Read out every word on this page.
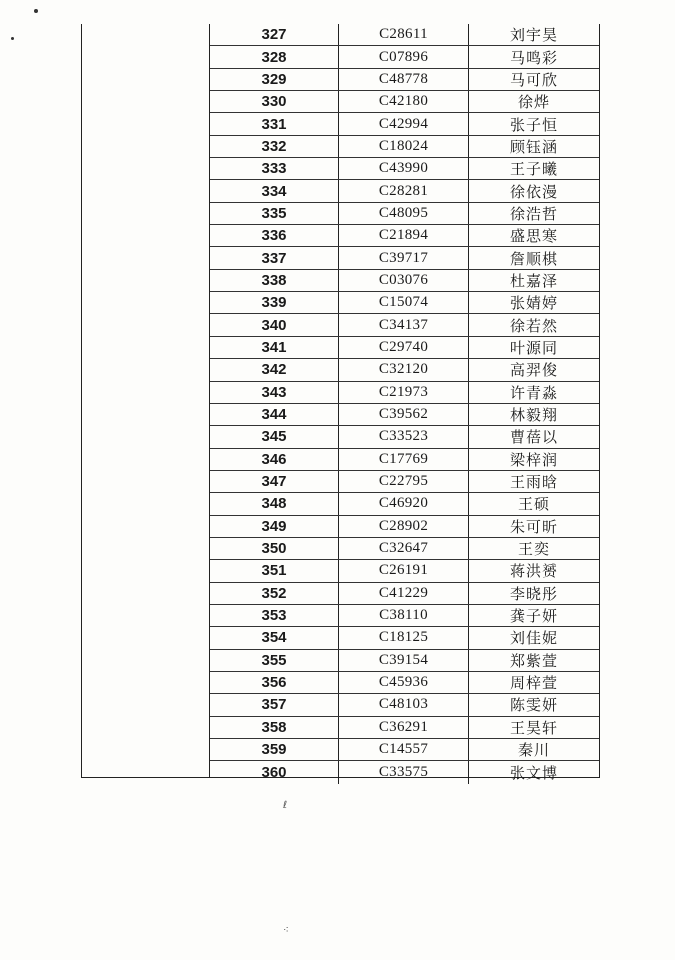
327	C28611	刘宇昊
328	C07896	马鸣彩
329	C48778	马可欣
330	C42180	徐烨
331	C42994	张子恒
332	C18024	顾钰涵
333	C43990	王子曦
334	C28281	徐依漫
335	C48095	徐浩哲
336	C21894	盛思寒
337	C39717	詹顺棋
338	C03076	杜嘉泽
339	C15074	张婧婷
340	C34137	徐若然
341	C29740	叶源同
342	C32120	高羿俊
343	C21973	许青淼
344	C39562	林毅翔
345	C33523	曹蓓以
346	C17769	梁梓润
347	C22795	王雨晗
348	C46920	王硕
349	C28902	朱可昕
350	C32647	王奕
351	C26191	蒋洪赟
352	C41229	李晓彤
353	C38110	龚子妍
354	C18125	刘佳妮
355	C39154	郑紫萱
356	C45936	周梓萱
357	C48103	陈雯妍
358	C36291	王昊轩
359	C14557	秦川
360	C33575	张文博
ℓ
⁖
